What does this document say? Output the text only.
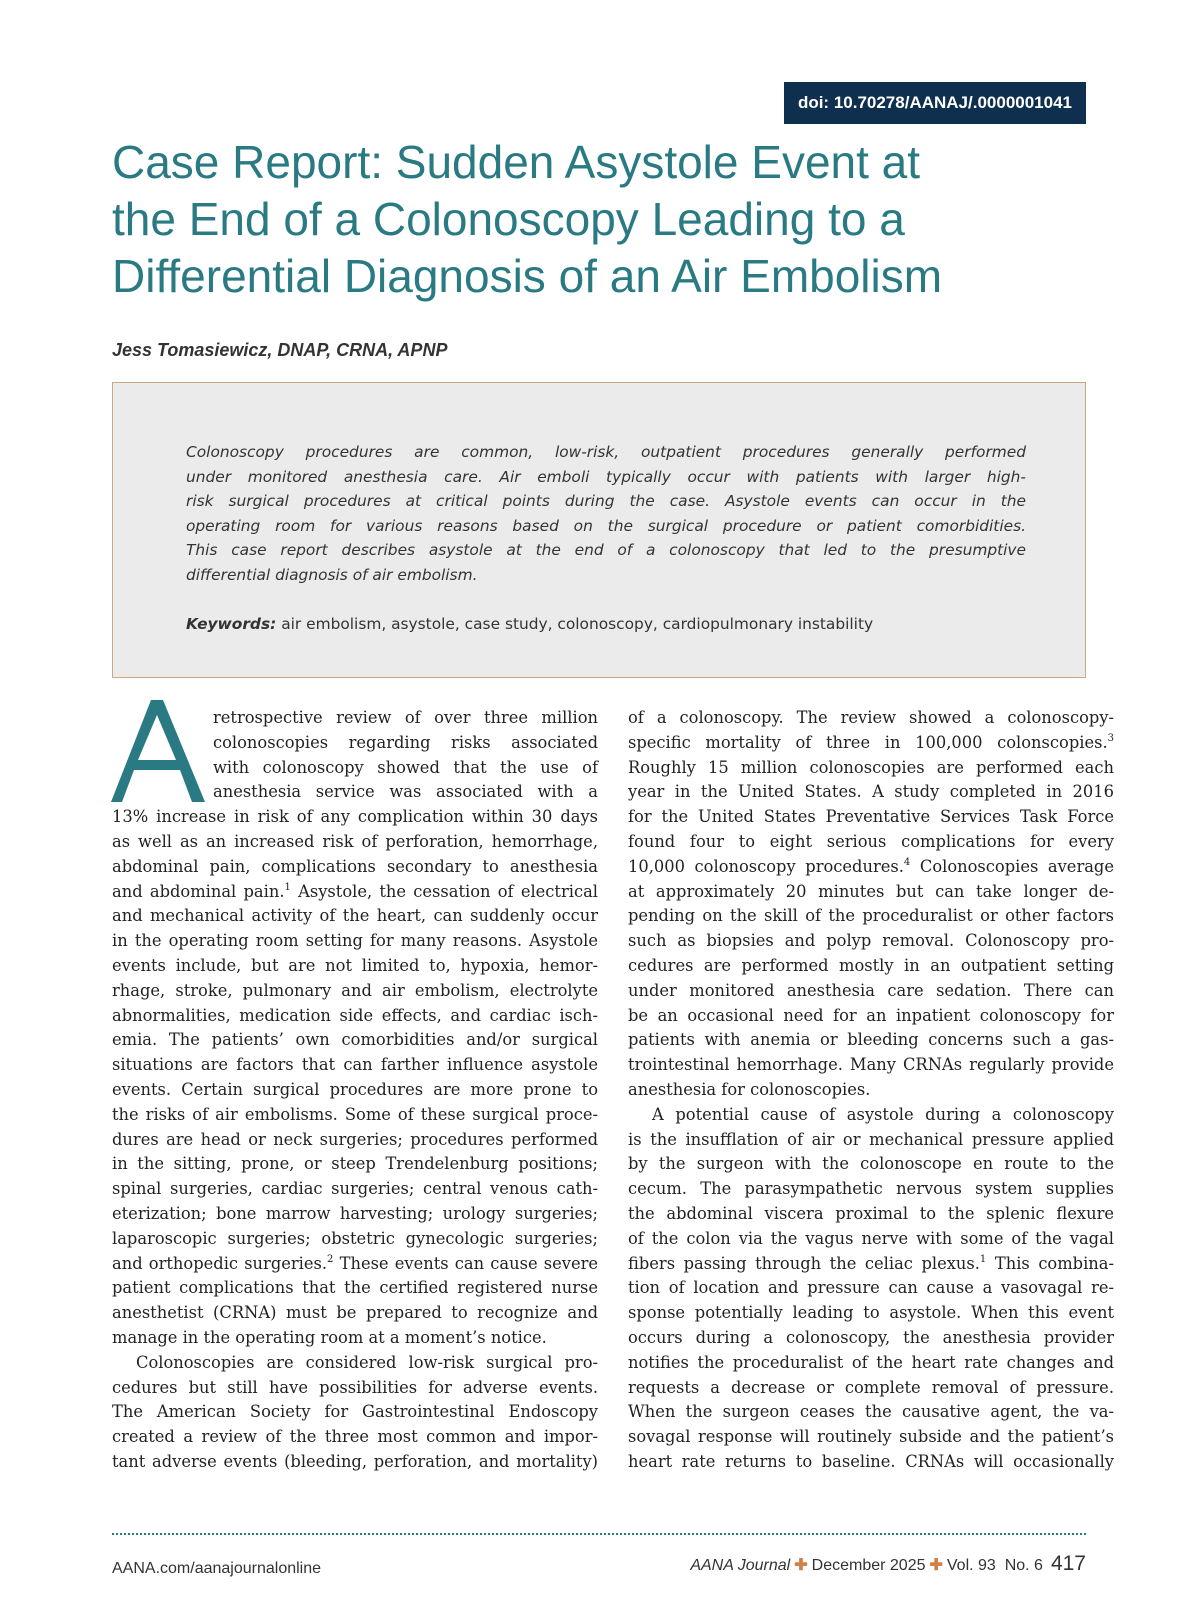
doi: 10.70278/AANAJ/.0000001041
Case Report: Sudden Asystole Event at
the End of a Colonoscopy Leading to a
Differential Diagnosis of an Air Embolism
Jess Tomasiewicz, DNAP, CRNA, APNP
Colonoscopy procedures are common, low-risk, outpatient procedures generally performed
under monitored anesthesia care. Air emboli typically occur with patients with larger high-
risk surgical procedures at critical points during the case. Asystole events can occur in the
operating room for various reasons based on the surgical procedure or patient comorbidities.
This case report describes asystole at the end of a colonoscopy that led to the presumptive
differential diagnosis of air embolism.
Keywords: air embolism, asystole, case study, colonoscopy, cardiopulmonary instability
A
retrospective review of over three million
colonoscopies regarding risks associated
with colonoscopy showed that the use of
anesthesia service was associated with a
13% increase in risk of any complication within 30 days
as well as an increased risk of perforation, hemorrhage,
abdominal pain, complications secondary to anesthesia
and abdominal pain.$^1$ Asystole, the cessation of electrical
and mechanical activity of the heart, can suddenly occur
in the operating room setting for many reasons. Asystole
events include, but are not limited to, hypoxia, hemor-
rhage, stroke, pulmonary and air embolism, electrolyte
abnormalities, medication side effects, and cardiac isch-
emia. The patients’ own comorbidities and/or surgical
situations are factors that can farther influence asystole
events. Certain surgical procedures are more prone to
the risks of air embolisms. Some of these surgical proce-
dures are head or neck surgeries; procedures performed
in the sitting, prone, or steep Trendelenburg positions;
spinal surgeries, cardiac surgeries; central venous cath-
eterization; bone marrow harvesting; urology surgeries;
laparoscopic surgeries; obstetric gynecologic surgeries;
and orthopedic surgeries.$^2$ These events can cause severe
patient complications that the certified registered nurse
anesthetist (CRNA) must be prepared to recognize and
manage in the operating room at a moment’s notice.
Colonoscopies are considered low-risk surgical pro-
cedures but still have possibilities for adverse events.
The American Society for Gastrointestinal Endoscopy
created a review of the three most common and impor-
tant adverse events (bleeding, perforation, and mortality)
of a colonoscopy. The review showed a colonoscopy-
specific mortality of three in 100,000 colonscopies.$^3$
Roughly 15 million colonoscopies are performed each
year in the United States. A study completed in 2016
for the United States Preventative Services Task Force
found four to eight serious complications for every
10,000 colonoscopy procedures.$^4$ Colonoscopies average
at approximately 20 minutes but can take longer de-
pending on the skill of the proceduralist or other factors
such as biopsies and polyp removal. Colonoscopy pro-
cedures are performed mostly in an outpatient setting
under monitored anesthesia care sedation. There can
be an occasional need for an inpatient colonoscopy for
patients with anemia or bleeding concerns such a gas-
trointestinal hemorrhage. Many CRNAs regularly provide
anesthesia for colonoscopies.
A potential cause of asystole during a colonoscopy
is the insufflation of air or mechanical pressure applied
by the surgeon with the colonoscope en route to the
cecum. The parasympathetic nervous system supplies
the abdominal viscera proximal to the splenic flexure
of the colon via the vagus nerve with some of the vagal
fibers passing through the celiac plexus.$^1$ This combina-
tion of location and pressure can cause a vasovagal re-
sponse potentially leading to asystole. When this event
occurs during a colonoscopy, the anesthesia provider
notifies the proceduralist of the heart rate changes and
requests a decrease or complete removal of pressure.
When the surgeon ceases the causative agent, the va-
sovagal response will routinely subside and the patient’s
heart rate returns to baseline. CRNAs will occasionally
AANA.com/aanajournalonline	AANA Journal ✚ December 2025 ✚ Vol. 93  No. 6 417
